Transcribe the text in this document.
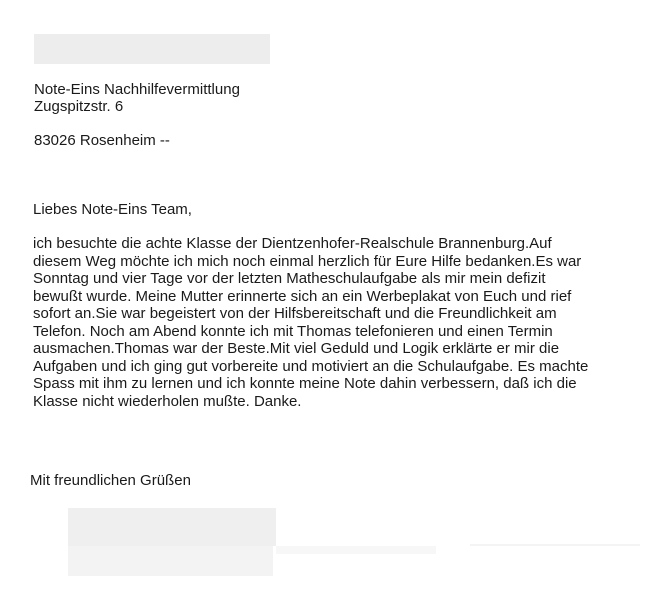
Note-Eins Nachhilfevermittlung

Zugspitzstr. 6

83026 Rosenheim --

Liebes Note-Eins Team,

ich besuchte die achte Klasse der Dientzenhofer-Realschule Brannenburg.Auf
diesem Weg möchte ich mich noch einmal herzlich für Eure Hilfe bedanken.Es war
Sonntag und vier Tage vor der letzten Matheschulaufgabe als mir mein defizit
bewußt wurde. Meine Mutter erinnerte sich an ein Werbeplakat von Euch und rief
sofort an.Sie war begeistert von der Hilfsbereitschaft und die Freundlichkeit am
Telefon. Noch am Abend konnte ich mit Thomas telefonieren und einen Termin
ausmachen.Thomas war der Beste.Mit viel Geduld und Logik erklärte er mir die
Aufgaben und ich ging gut vorbereite und motiviert an die Schulaufgabe. Es machte
Spass mit ihm zu lernen und ich konnte meine Note dahin verbessern, daß ich die
Klasse nicht wiederholen mußte. Danke.

Mit freundlichen Grüßen
